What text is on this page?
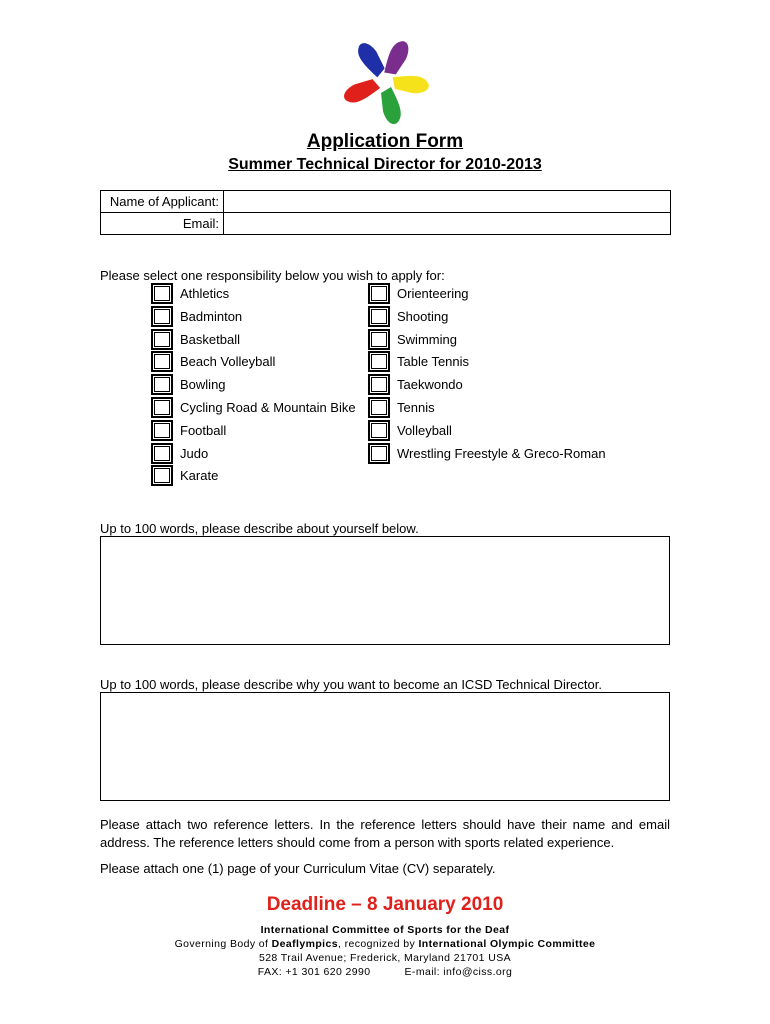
Application Form
Summer Technical Director for 2010-2013
Name of Applicant:	
Email:	
Please select one responsibility below you wish to apply for:
Athletics
Badminton
Basketball
Beach Volleyball
Bowling
Cycling Road & Mountain Bike
Football
Judo
Karate
Orienteering
Shooting
Swimming
Table Tennis
Taekwondo
Tennis
Volleyball
Wrestling Freestyle & Greco-Roman
Up to 100 words, please describe about yourself below.
Up to 100 words, please describe why you want to become an ICSD Technical Director.
Please attach two reference letters. In the reference letters should have their name and email address. The reference letters should come from a person with sports related experience.
Please attach one (1) page of your Curriculum Vitae (CV) separately.
Deadline – 8 January 2010
International Committee of Sports for the Deaf
Governing Body of Deaflympics, recognized by International Olympic Committee
528 Trail Avenue; Frederick, Maryland 21701 USA
FAX: +1 301 620 2990	E-mail: info@ciss.org
